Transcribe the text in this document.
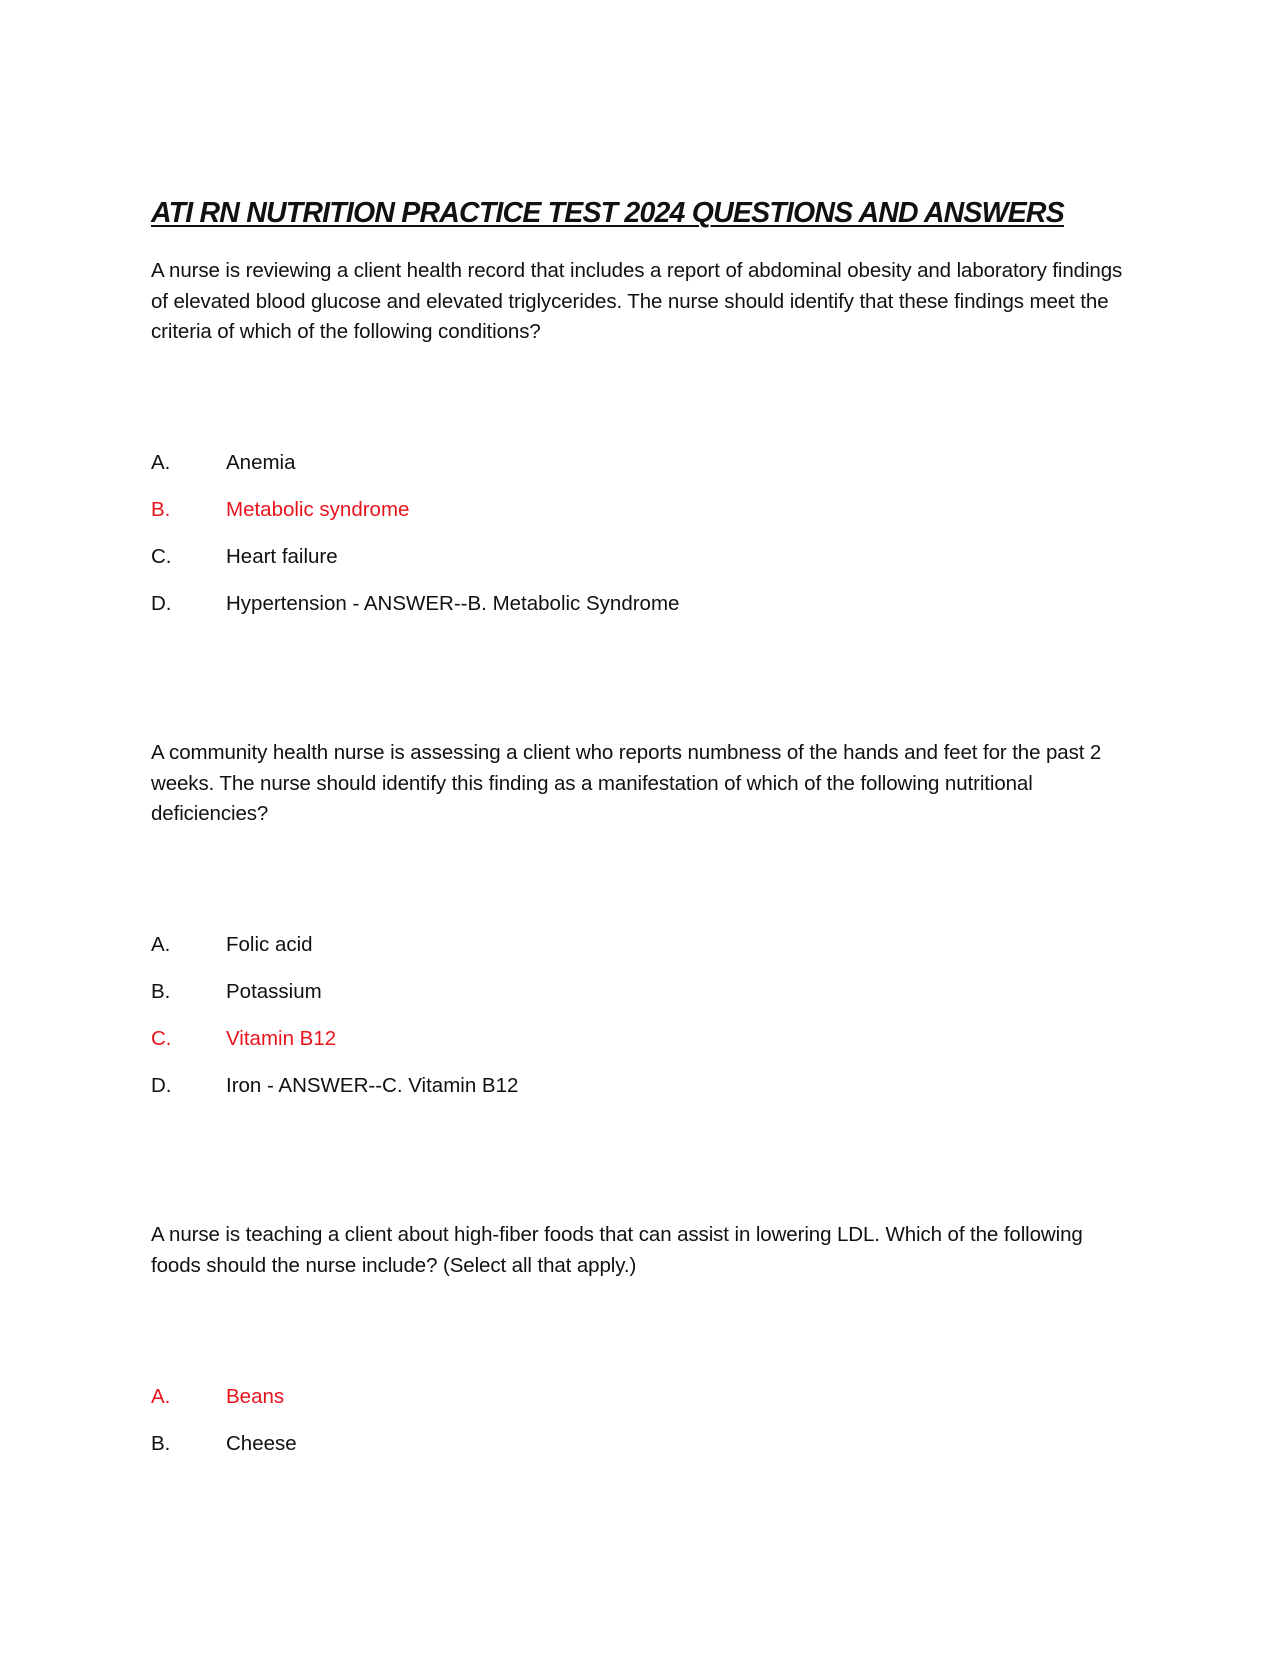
ATI RN NUTRITION PRACTICE TEST 2024 QUESTIONS AND ANSWERS
A nurse is reviewing a client health record that includes a report of abdominal obesity and laboratory findings of elevated blood glucose and elevated triglycerides. The nurse should identify that these findings meet the criteria of which of the following conditions?
A.	Anemia
B.	Metabolic syndrome
C.	Heart failure
D.	Hypertension - ANSWER--B. Metabolic Syndrome
A community health nurse is assessing a client who reports numbness of the hands and feet for the past 2 weeks. The nurse should identify this finding as a manifestation of which of the following nutritional deficiencies?
A.	Folic acid
B.	Potassium
C.	Vitamin B12
D.	Iron - ANSWER--C. Vitamin B12
A nurse is teaching a client about high-fiber foods that can assist in lowering LDL. Which of the following foods should the nurse include? (Select all that apply.)
A.	Beans
B.	Cheese
